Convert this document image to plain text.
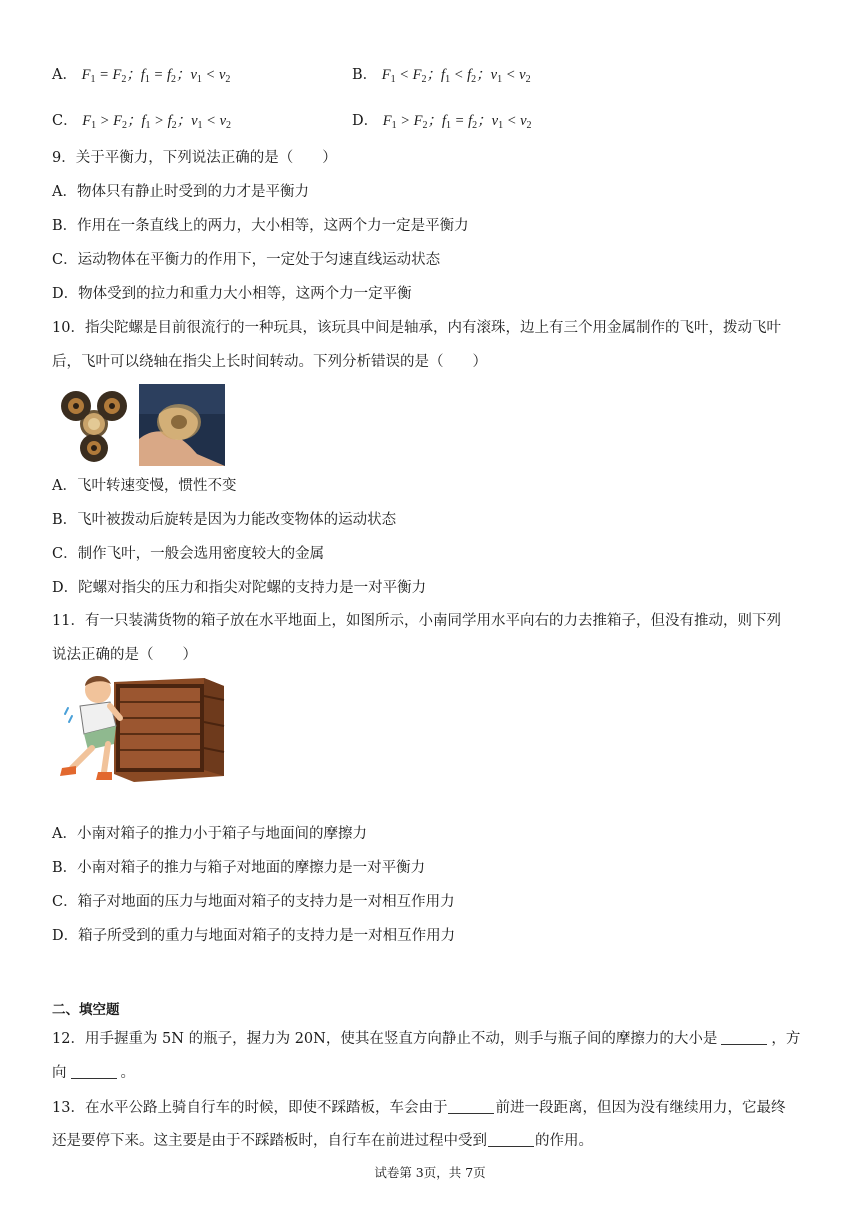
A． $F_1 = F_2$；$f_1 = f_2$；$v_1 < v_2$	B． $F_1 < F_2$；$f_1 < f_2$；$v_1 < v_2$
C． $F_1 > F_2$；$f_1 > f_2$；$v_1 < v_2$	D． $F_1 > F_2$；$f_1 = f_2$；$v_1 < v_2$
9．关于平衡力，下列说法正确的是（　　）
A．物体只有静止时受到的力才是平衡力
B．作用在一条直线上的两力，大小相等，这两个力一定是平衡力
C．运动物体在平衡力的作用下，一定处于匀速直线运动状态
D．物体受到的拉力和重力大小相等，这两个力一定平衡
10．指尖陀螺是目前很流行的一种玩具，该玩具中间是轴承，内有滚珠，边上有三个用金属制作的飞叶，拨动飞叶
后，飞叶可以绕轴在指尖上长时间转动。下列分析错误的是（　　）
A．飞叶转速变慢，惯性不变
B．飞叶被拨动后旋转是因为力能改变物体的运动状态
C．制作飞叶，一般会选用密度较大的金属
D．陀螺对指尖的压力和指尖对陀螺的支持力是一对平衡力
11．有一只装满货物的箱子放在水平地面上，如图所示，小南同学用水平向右的力去推箱子，但没有推动，则下列
说法正确的是（　　）
A．小南对箱子的推力小于箱子与地面间的摩擦力
B．小南对箱子的推力与箱子对地面的摩擦力是一对平衡力
C．箱子对地面的压力与地面对箱子的支持力是一对相互作用力
D．箱子所受到的重力与地面对箱子的支持力是一对相互作用力
二、填空题
12．用手握重为 5N 的瓶子，握力为 20N，使其在竖直方向静止不动，则手与瓶子间的摩擦力的大小是	，方
向	。
13．在水平公路上骑自行车的时候，即使不踩踏板，车会由于	前进一段距离，但因为没有继续用力，它最终
还是要停下来。这主要是由于不踩踏板时，自行车在前进过程中受到	的作用。
试卷第 3页，共 7页
